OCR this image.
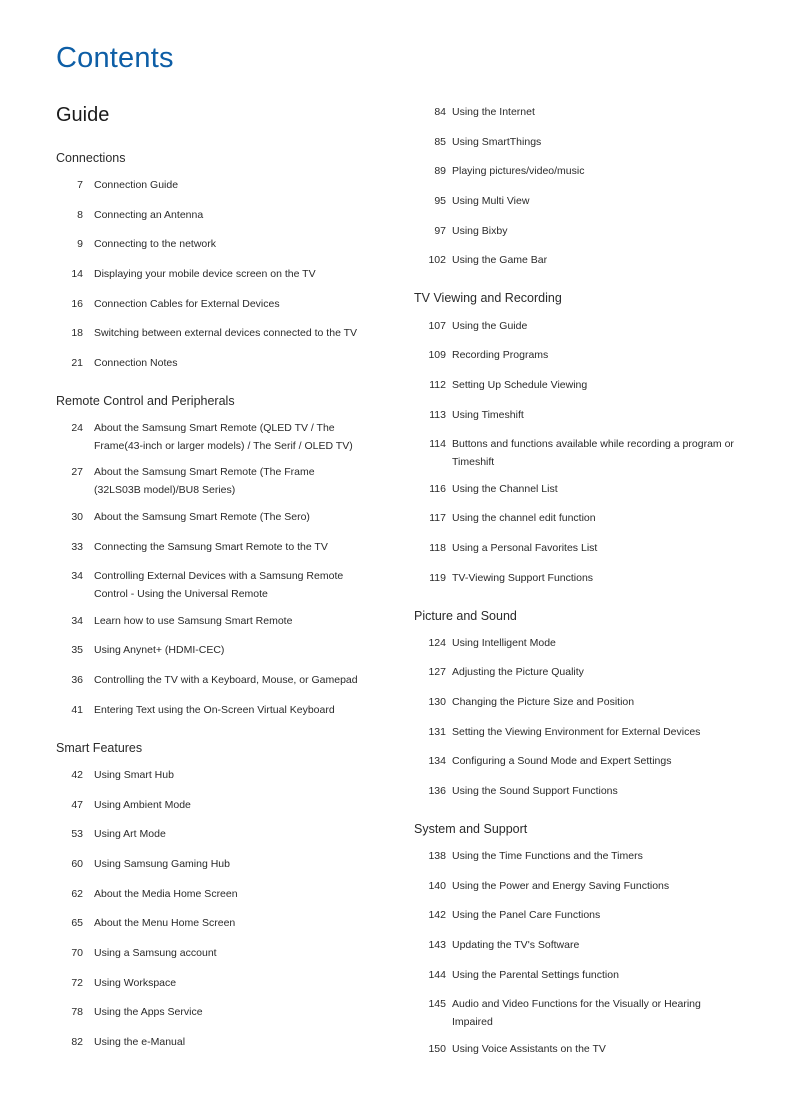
Contents
Guide
Connections
7 Connection Guide
8 Connecting an Antenna
9 Connecting to the network
14 Displaying your mobile device screen on the TV
16 Connection Cables for External Devices
18 Switching between external devices connected to the TV
21 Connection Notes
Remote Control and Peripherals
24 About the Samsung Smart Remote (QLED TV / The Frame(43-inch or larger models) / The Serif / OLED TV)
27 About the Samsung Smart Remote (The Frame (32LS03B model)/BU8 Series)
30 About the Samsung Smart Remote (The Sero)
33 Connecting the Samsung Smart Remote to the TV
34 Controlling External Devices with a Samsung Remote Control - Using the Universal Remote
34 Learn how to use Samsung Smart Remote
35 Using Anynet+ (HDMI-CEC)
36 Controlling the TV with a Keyboard, Mouse, or Gamepad
41 Entering Text using the On-Screen Virtual Keyboard
Smart Features
42 Using Smart Hub
47 Using Ambient Mode
53 Using Art Mode
60 Using Samsung Gaming Hub
62 About the Media Home Screen
65 About the Menu Home Screen
70 Using a Samsung account
72 Using Workspace
78 Using the Apps Service
82 Using the e-Manual
84 Using the Internet
85 Using SmartThings
89 Playing pictures/video/music
95 Using Multi View
97 Using Bixby
102 Using the Game Bar
TV Viewing and Recording
107 Using the Guide
109 Recording Programs
112 Setting Up Schedule Viewing
113 Using Timeshift
114 Buttons and functions available while recording a program or Timeshift
116 Using the Channel List
117 Using the channel edit function
118 Using a Personal Favorites List
119 TV-Viewing Support Functions
Picture and Sound
124 Using Intelligent Mode
127 Adjusting the Picture Quality
130 Changing the Picture Size and Position
131 Setting the Viewing Environment for External Devices
134 Configuring a Sound Mode and Expert Settings
136 Using the Sound Support Functions
System and Support
138 Using the Time Functions and the Timers
140 Using the Power and Energy Saving Functions
142 Using the Panel Care Functions
143 Updating the TV's Software
144 Using the Parental Settings function
145 Audio and Video Functions for the Visually or Hearing Impaired
150 Using Voice Assistants on the TV
